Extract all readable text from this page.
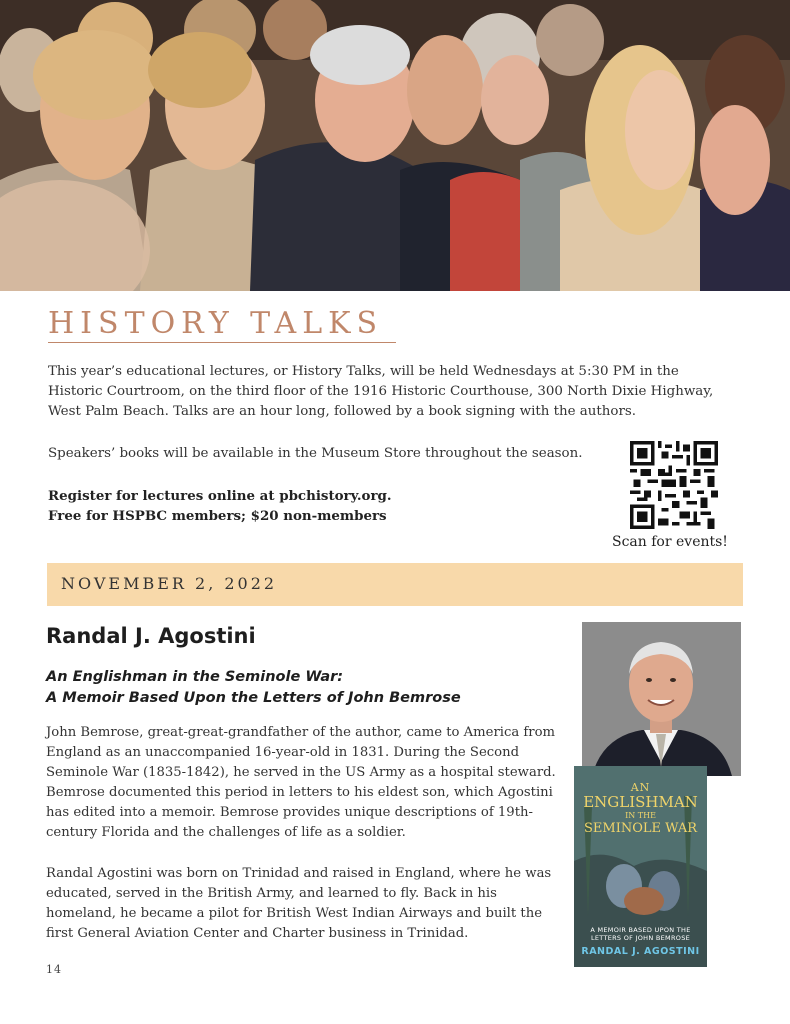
HISTORY TALKS

This year’s educational lectures, or History Talks, will be held Wednesdays at 5:30 PM in the Historic Courtroom, on the third floor of the 1916 Historic Courthouse, 300 North Dixie Highway, West Palm Beach. Talks are an hour long, followed by a book signing with the authors.

Speakers’ books will be available in the Museum Store throughout the season.

Register for lectures online at pbchistory.org.
Free for HSPBC members; $20 non-members
Scan for events!
NOVEMBER 2, 2022
Randal J. Agostini
An Englishman in the Seminole War:
A Memoir Based Upon the Letters of John Bemrose

John Bemrose, great-great-grandfather of the author, came to America from England as an unaccompanied 16-year-old in 1831. During the Second Seminole War (1835-1842), he served in the US Army as a hospital steward. Bemrose documented this period in letters to his eldest son, which Agostini has edited into a memoir. Bemrose provides unique descriptions of 19th-century Florida and the challenges of life as a soldier.

Randal Agostini was born on Trinidad and raised in England, where he was educated, served in the British Army, and learned to fly. Back in his homeland, he became a pilot for British West Indian Airways and built the first General Aviation Center and Charter business in Trinidad.

AN
ENGLISHMAN
IN THE
SEMINOLE WAR
A MEMOIR BASED UPON THE LETTERS OF JOHN BEMROSE
RANDAL J. AGOSTINI
14
